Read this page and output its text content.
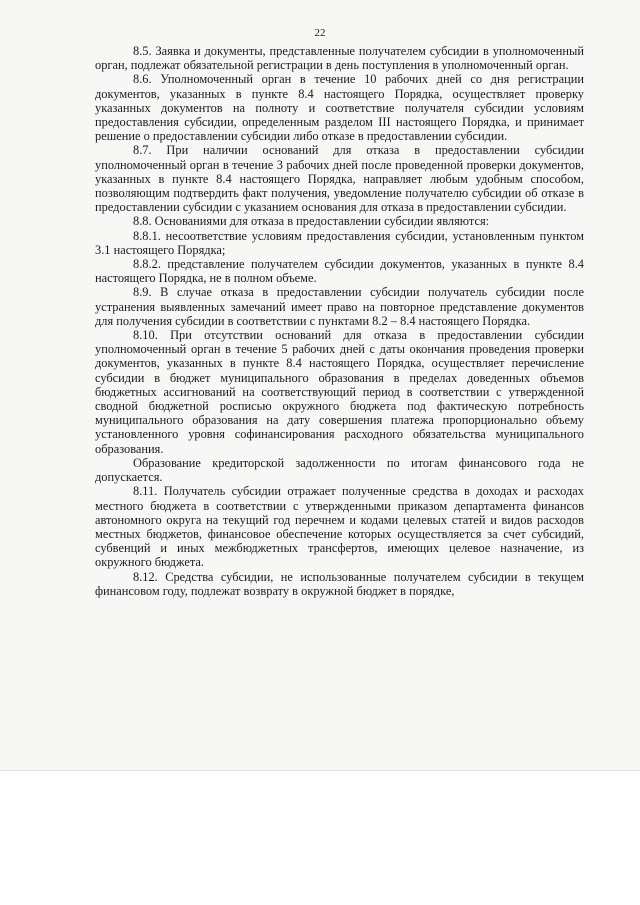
22

8.5. Заявка и документы, представленные получателем субсидии в уполномоченный орган, подлежат обязательной регистрации в день поступления в уполномоченный орган.

8.6. Уполномоченный орган в течение 10 рабочих дней со дня регистрации документов, указанных в пункте 8.4 настоящего Порядка, осуществляет проверку указанных документов на полноту и соответствие получателя субсидии условиям предоставления субсидии, определенным разделом III настоящего Порядка, и принимает решение о предоставлении субсидии либо отказе в предоставлении субсидии.

8.7. При наличии оснований для отказа в предоставлении субсидии уполномоченный орган в течение 3 рабочих дней после проведенной проверки документов, указанных в пункте 8.4 настоящего Порядка, направляет любым удобным способом, позволяющим подтвердить факт получения, уведомление получателю субсидии об отказе в предоставлении субсидии с указанием основания для отказа в предоставлении субсидии.

8.8. Основаниями для отказа в предоставлении субсидии являются:

8.8.1. несоответствие условиям предоставления субсидии, установленным пунктом 3.1 настоящего Порядка;

8.8.2. представление получателем субсидии документов, указанных в пункте 8.4 настоящего Порядка, не в полном объеме.

8.9. В случае отказа в предоставлении субсидии получатель субсидии после устранения выявленных замечаний имеет право на повторное представление документов для получения субсидии в соответствии с пунктами 8.2 – 8.4 настоящего Порядка.

8.10. При отсутствии оснований для отказа в предоставлении субсидии уполномоченный орган в течение 5 рабочих дней с даты окончания проведения проверки документов, указанных в пункте 8.4 настоящего Порядка, осуществляет перечисление субсидии в бюджет муниципального образования в пределах доведенных объемов бюджетных ассигнований на соответствующий период в соответствии с утвержденной сводной бюджетной росписью окружного бюджета под фактическую потребность муниципального образования на дату совершения платежа пропорционально объему установленного уровня софинансирования расходного обязательства муниципального образования.

Образование кредиторской задолженности по итогам финансового года не допускается.

8.11. Получатель субсидии отражает полученные средства в доходах и расходах местного бюджета в соответствии с утвержденными приказом департамента финансов автономного округа на текущий год перечнем и кодами целевых статей и видов расходов местных бюджетов, финансовое обеспечение которых осуществляется за счет субсидий, субвенций и иных межбюджетных трансфертов, имеющих целевое назначение, из окружного бюджета.

8.12. Средства субсидии, не использованные получателем субсидии в текущем финансовом году, подлежат возврату в окружной бюджет в порядке,
